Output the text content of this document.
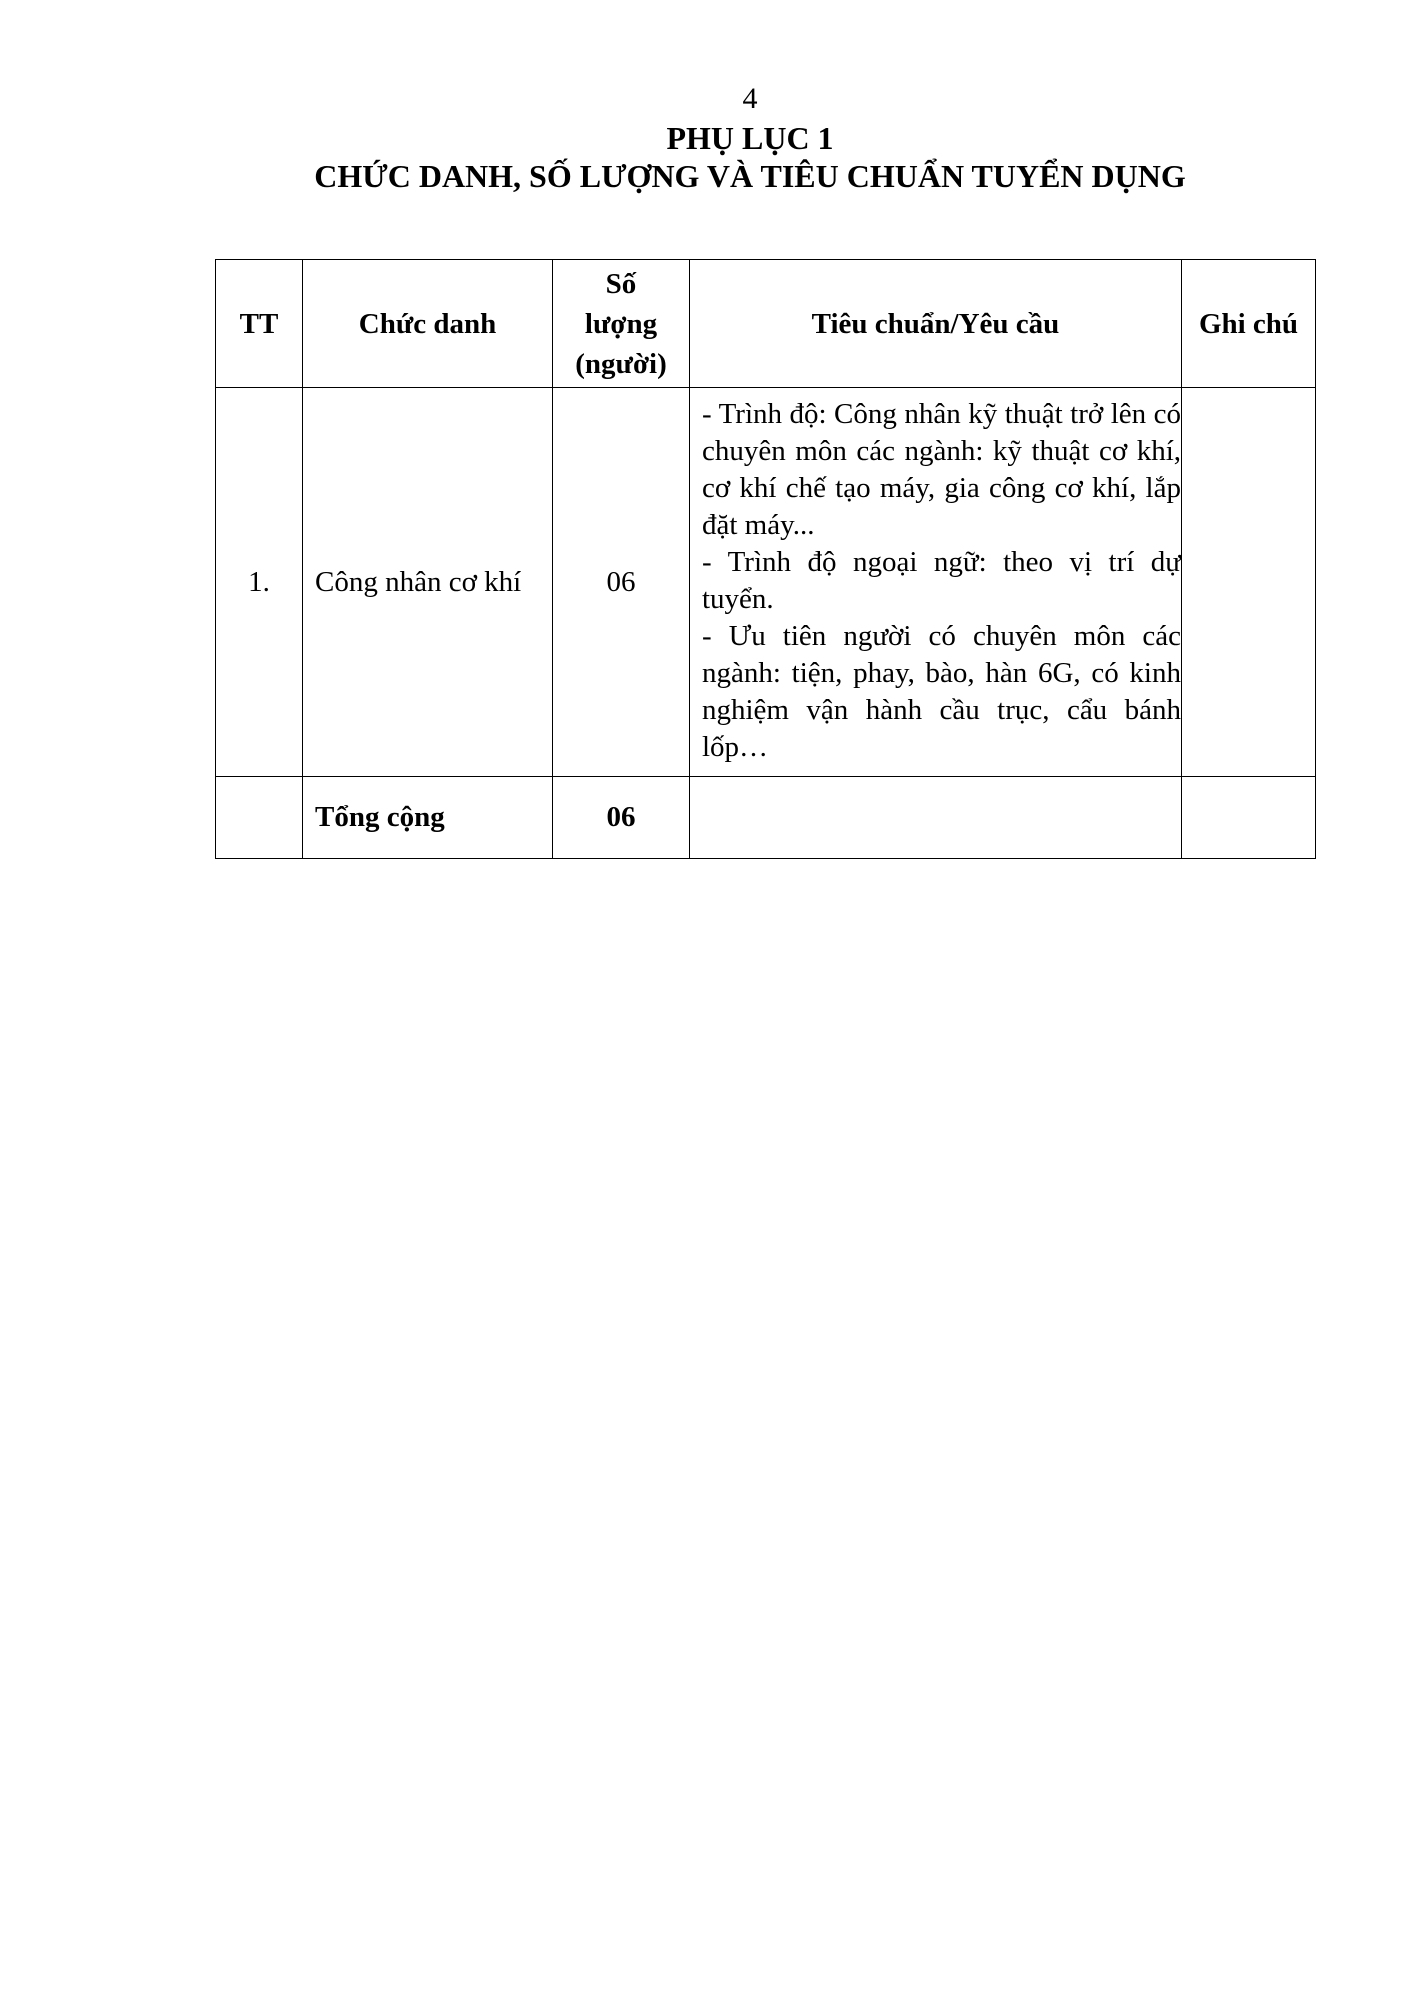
4
PHỤ LỤC 1
CHỨC DANH, SỐ LƯỢNG VÀ TIÊU CHUẨN TUYỂN DỤNG
TT	Chức danh	Số lượng (người)	Tiêu chuẩn/Yêu cầu	Ghi chú
1.	Công nhân cơ khí	06	- Trình độ: Công nhân kỹ thuật trở lên có chuyên môn các ngành: kỹ thuật cơ khí, cơ khí chế tạo máy, gia công cơ khí, lắp đặt máy...
- Trình độ ngoại ngữ: theo vị trí dự tuyển.
- Ưu tiên người có chuyên môn các ngành: tiện, phay, bào, hàn 6G, có kinh nghiệm vận hành cầu trục, cẩu bánh lốp…	

	Tổng cộng	06		
